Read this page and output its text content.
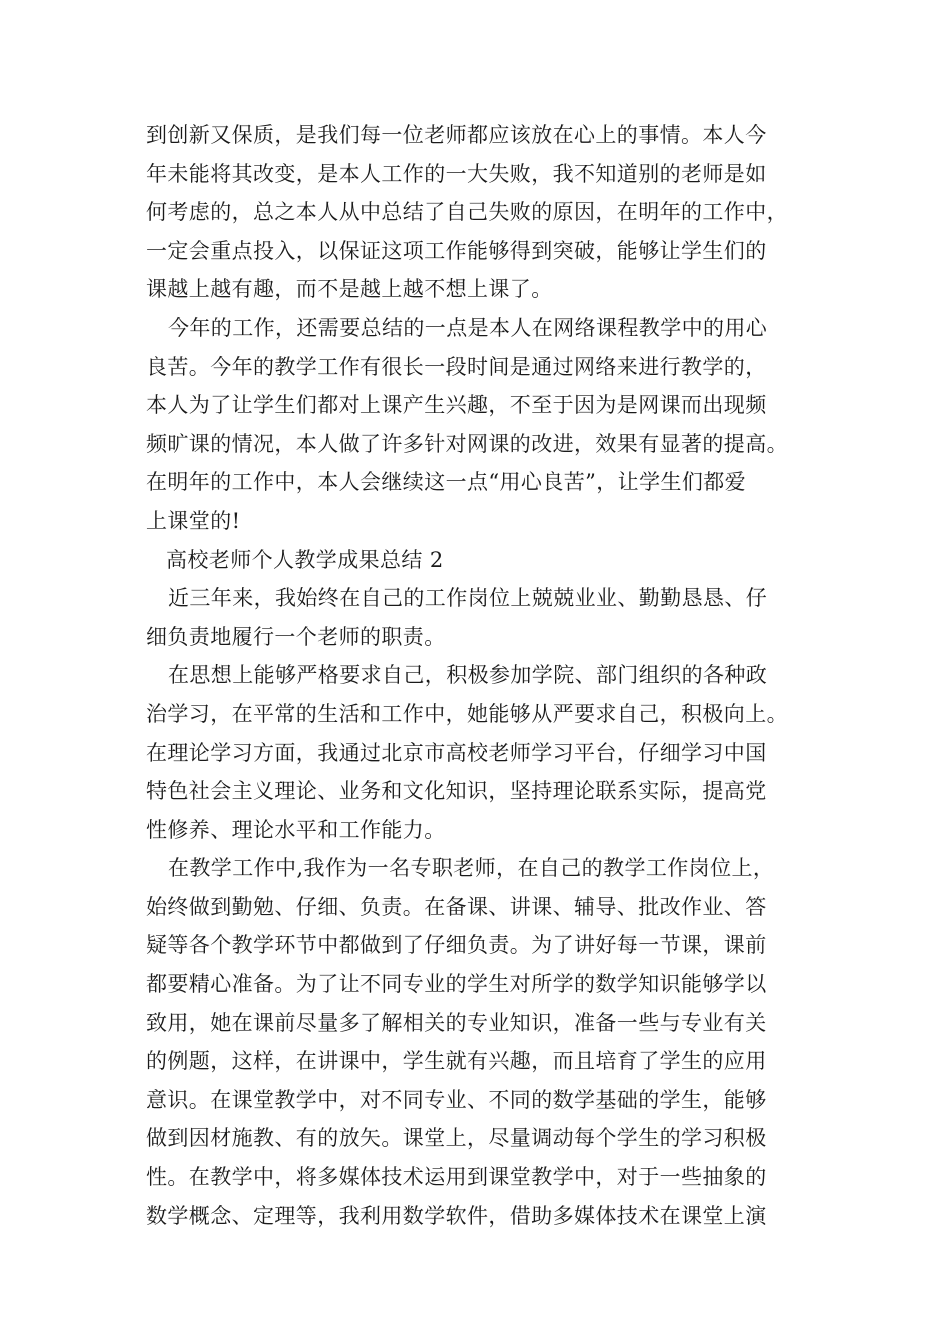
到创新又保质，是我们每一位老师都应该放在心上的事情。本人今
年未能将其改变，是本人工作的一大失败，我不知道别的老师是如
何考虑的，总之本人从中总结了自己失败的原因，在明年的工作中，
一定会重点投入，以保证这项工作能够得到突破，能够让学生们的
课越上越有趣，而不是越上越不想上课了。
今年的工作，还需要总结的一点是本人在网络课程教学中的用心
良苦。今年的教学工作有很长一段时间是通过网络来进行教学的，
本人为了让学生们都对上课产生兴趣，不至于因为是网课而出现频
频旷课的情况，本人做了许多针对网课的改进，效果有显著的提高。
在明年的工作中，本人会继续这一点“用心良苦”，让学生们都爱
上课堂的!
高校老师个人教学成果总结 2
近三年来，我始终在自己的工作岗位上兢兢业业、勤勤恳恳、仔
细负责地履行一个老师的职责。
在思想上能够严格要求自己，积极参加学院、部门组织的各种政
治学习，在平常的生活和工作中，她能够从严要求自己，积极向上。
在理论学习方面，我通过北京市高校老师学习平台，仔细学习中国
特色社会主义理论、业务和文化知识，坚持理论联系实际，提高党
性修养、理论水平和工作能力。
在教学工作中,我作为一名专职老师，在自己的教学工作岗位上，
始终做到勤勉、仔细、负责。在备课、讲课、辅导、批改作业、答
疑等各个教学环节中都做到了仔细负责。为了讲好每一节课，课前
都要精心准备。为了让不同专业的学生对所学的数学知识能够学以
致用，她在课前尽量多了解相关的专业知识，准备一些与专业有关
的例题，这样，在讲课中，学生就有兴趣，而且培育了学生的应用
意识。在课堂教学中，对不同专业、不同的数学基础的学生，能够
做到因材施教、有的放矢。课堂上，尽量调动每个学生的学习积极
性。在教学中，将多媒体技术运用到课堂教学中，对于一些抽象的
数学概念、定理等，我利用数学软件，借助多媒体技术在课堂上演
